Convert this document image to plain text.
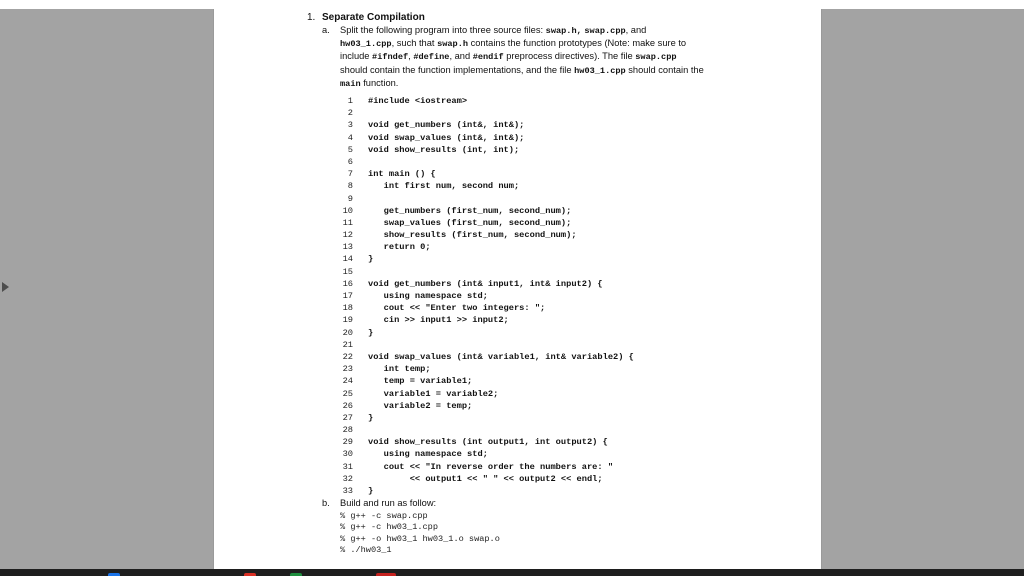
1. Separate Compilation
a. Split the following program into three source files: swap.h, swap.cpp, and
hw03_1.cpp, such that swap.h contains the function prototypes (Note: make sure to
include #ifndef, #define, and #endif preprocess directives). The file swap.cpp
should contain the function implementations, and the file hw03_1.cpp should contain the
main function.
1 #include <iostream>
2
3 void get_numbers (int&, int&);
4 void swap_values (int&, int&);
5 void show_results (int, int);
6
7 int main () {
8 int first num, second num;
9
10 get_numbers (first_num, second_num);
11 swap_values (first_num, second_num);
12 show_results (first_num, second_num);
13 return 0;
14 }
15
16 void get_numbers (int& input1, int& input2) {
17 using namespace std;
18 cout << "Enter two integers: ";
19 cin >> input1 >> input2;
20 }
21
22 void swap_values (int& variable1, int& variable2) {
23 int temp;
24 temp = variable1;
25 variable1 = variable2;
26 variable2 = temp;
27 }
28
29 void show_results (int output1, int output2) {
30 using namespace std;
31 cout << "In reverse order the numbers are: "
32 << output1 << " " << output2 << endl;
33 }
b. Build and run as follow:
% g++ -c swap.cpp
% g++ -c hw03_1.cpp
% g++ -o hw03_1 hw03_1.o swap.o
% ./hw03_1
